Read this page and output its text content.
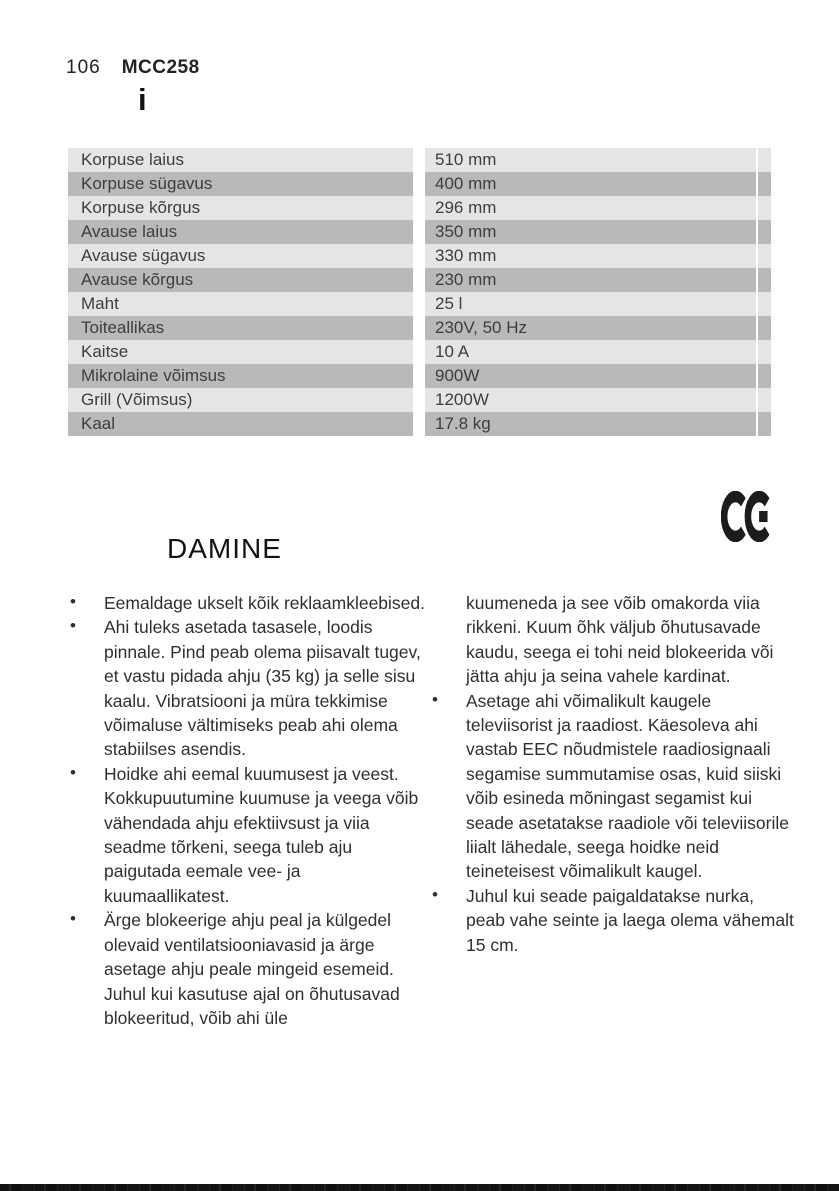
106 MCC258
i
Korpuse laius	510 mm
Korpuse sügavus	400 mm
Korpuse kõrgus	296 mm
Avause laius	350 mm
Avause sügavus	330 mm
Avause kõrgus	230 mm
Maht	25 l
Toiteallikas	230V, 50 Hz
Kaitse	10 A
Mikrolaine võimsus	900W
Grill (Võimsus)	1200W
Kaal	17.8 kg
DAMINE
•	Eemaldage ukselt kõik reklaamkleebised.
•	Ahi tuleks asetada tasasele, loodis pinnale. Pind peab olema piisavalt tugev, et vastu pidada ahju (35 kg) ja selle sisu kaalu. Vibratsiooni ja müra tekkimise võimaluse vältimiseks peab ahi olema stabiilses asendis.
•	Hoidke ahi eemal kuumusest ja veest. Kokkupuutumine kuumuse ja veega võib vähendada ahju efektiivsust ja viia seadme tõrkeni, seega tuleb aju paigutada eemale vee- ja kuumaallikatest.
•	Ärge blokeerige ahju peal ja külgedel olevaid ventilatsiooniavasid ja ärge asetage ahju peale mingeid esemeid. Juhul kui kasutuse ajal on õhutusavad blokeeritud, võib ahi üle
kuumeneda ja see võib omakorda viia rikkeni. Kuum õhk väljub õhutusavade kaudu, seega ei tohi neid blokeerida või jätta ahju ja seina vahele kardinat.
•	Asetage ahi võimalikult kaugele televiisorist ja raadiost. Käesoleva ahi vastab EEC nõudmistele raadiosignaali segamise summutamise osas, kuid siiski võib esineda mõningast segamist kui seade asetatakse raadiole või televiisorile liialt lähedale, seega hoidke neid teineteisest võimalikult kaugel.
•	Juhul kui seade paigaldatakse nurka, peab vahe seinte ja laega olema vähemalt 15 cm.
